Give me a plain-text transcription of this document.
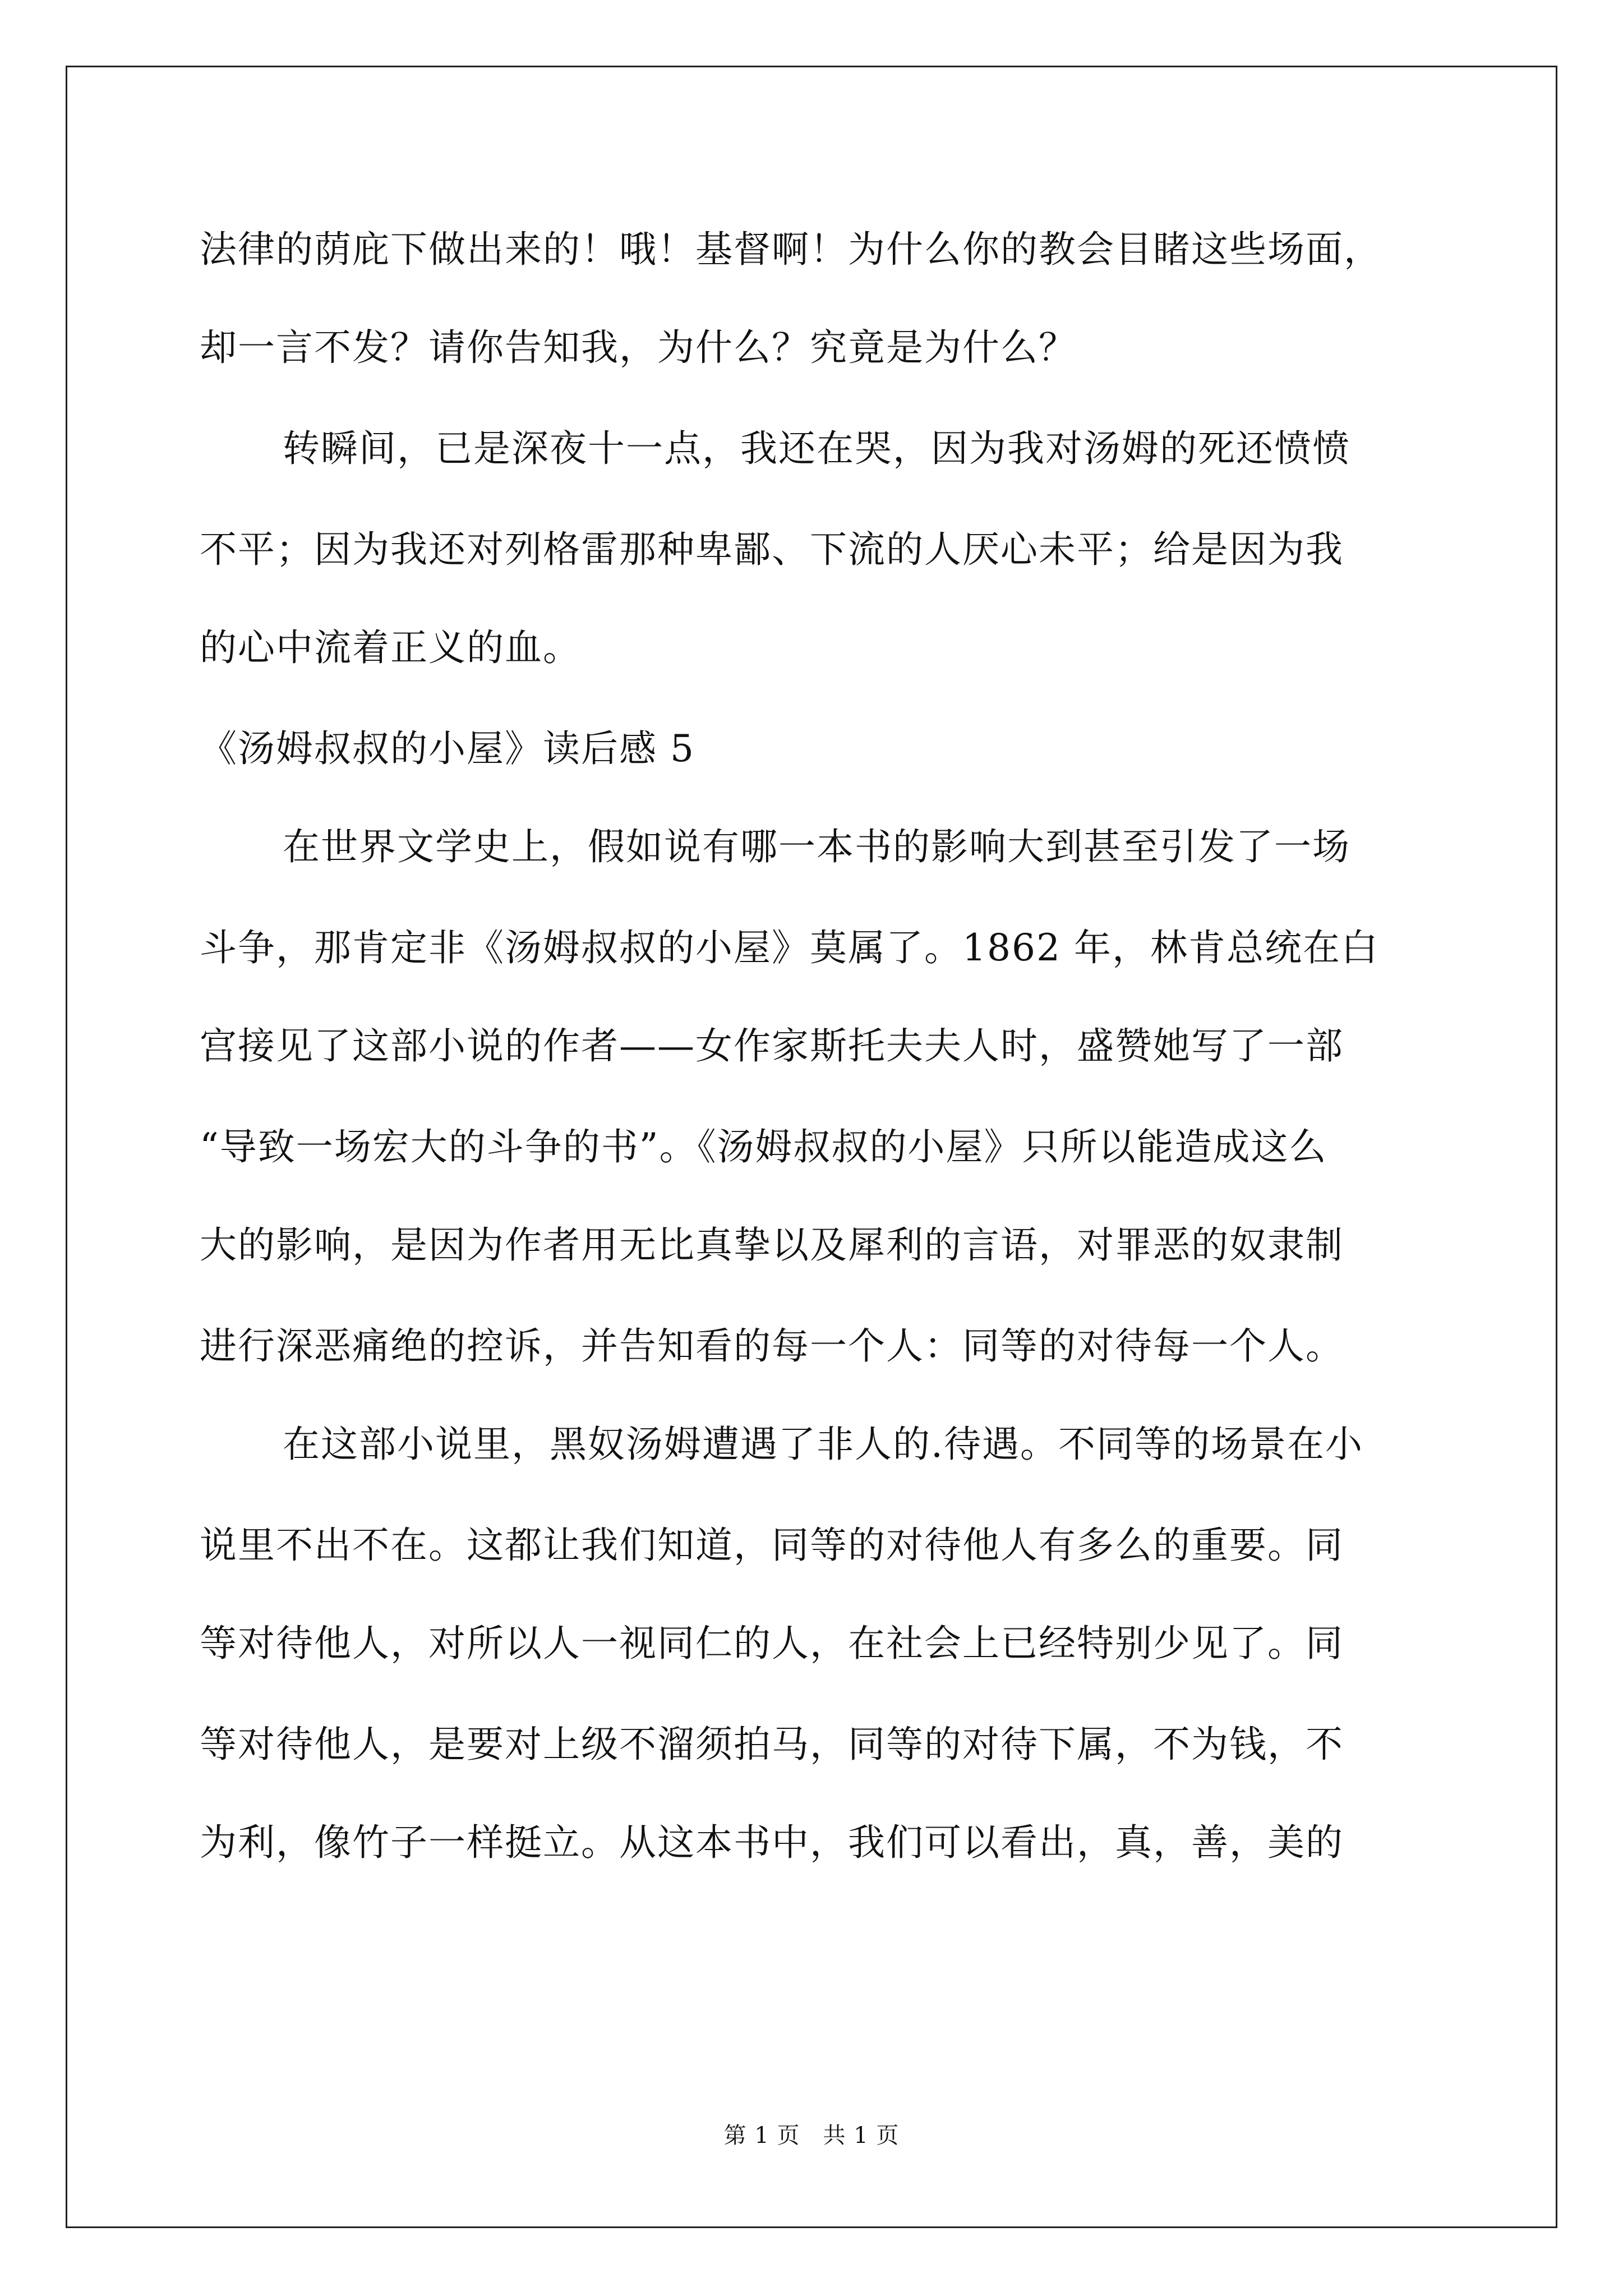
法律的荫庇下做出来的！哦！基督啊！为什么你的教会目睹这些场面，
却一言不发？请你告知我，为什么？究竟是为什么？
转瞬间，已是深夜十一点，我还在哭，因为我对汤姆的死还愤愤
不平；因为我还对列格雷那种卑鄙、下流的人厌心未平；给是因为我
的心中流着正义的血。
《汤姆叔叔的小屋》读后感 5
在世界文学史上，假如说有哪一本书的影响大到甚至引发了一场
斗争，那肯定非《汤姆叔叔的小屋》莫属了。1862 年，林肯总统在白
宫接见了这部小说的作者——女作家斯托夫夫人时，盛赞她写了一部
“导致一场宏大的斗争的书”。《汤姆叔叔的小屋》只所以能造成这么
大的影响，是因为作者用无比真挚以及犀利的言语，对罪恶的奴隶制
进行深恶痛绝的控诉，并告知看的每一个人：同等的对待每一个人。
在这部小说里，黑奴汤姆遭遇了非人的.待遇。不同等的场景在小
说里不出不在。这都让我们知道，同等的对待他人有多么的重要。同
等对待他人，对所以人一视同仁的人，在社会上已经特别少见了。同
等对待他人，是要对上级不溜须拍马，同等的对待下属，不为钱，不
为利，像竹子一样挺立。从这本书中，我们可以看出，真，善，美的
第 1 页　共 1 页
